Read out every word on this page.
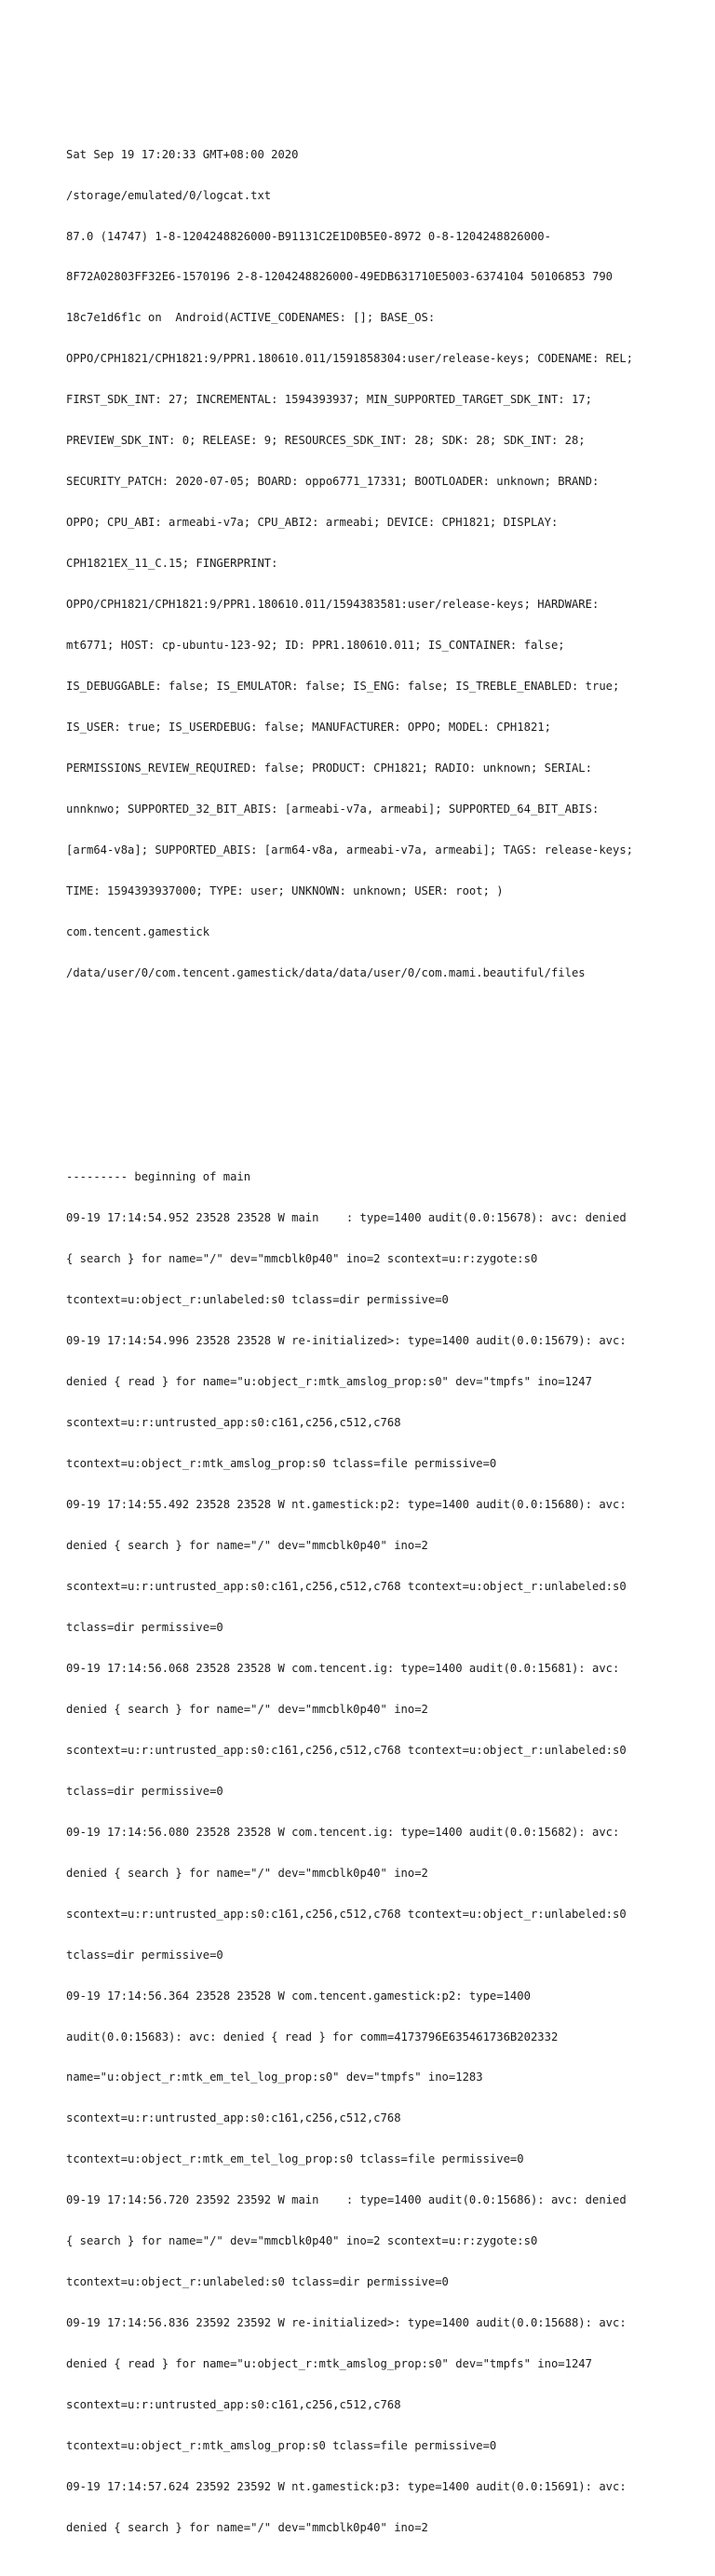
Sat Sep 19 17:20:33 GMT+08:00 2020

/storage/emulated/0/logcat.txt

87.0 (14747) 1-8-1204248826000-B91131C2E1D0B5E0-8972 0-8-1204248826000-

8F72A02803FF32E6-1570196 2-8-1204248826000-49EDB631710E5003-6374104 50106853 790

18c7e1d6f1c on  Android(ACTIVE_CODENAMES: []; BASE_OS:

OPPO/CPH1821/CPH1821:9/PPR1.180610.011/1591858304:user/release-keys; CODENAME: REL;

FIRST_SDK_INT: 27; INCREMENTAL: 1594393937; MIN_SUPPORTED_TARGET_SDK_INT: 17;

PREVIEW_SDK_INT: 0; RELEASE: 9; RESOURCES_SDK_INT: 28; SDK: 28; SDK_INT: 28;

SECURITY_PATCH: 2020-07-05; BOARD: oppo6771_17331; BOOTLOADER: unknown; BRAND:

OPPO; CPU_ABI: armeabi-v7a; CPU_ABI2: armeabi; DEVICE: CPH1821; DISPLAY:

CPH1821EX_11_C.15; FINGERPRINT:

OPPO/CPH1821/CPH1821:9/PPR1.180610.011/1594383581:user/release-keys; HARDWARE:

mt6771; HOST: cp-ubuntu-123-92; ID: PPR1.180610.011; IS_CONTAINER: false;

IS_DEBUGGABLE: false; IS_EMULATOR: false; IS_ENG: false; IS_TREBLE_ENABLED: true;

IS_USER: true; IS_USERDEBUG: false; MANUFACTURER: OPPO; MODEL: CPH1821;

PERMISSIONS_REVIEW_REQUIRED: false; PRODUCT: CPH1821; RADIO: unknown; SERIAL:

unnknwo; SUPPORTED_32_BIT_ABIS: [armeabi-v7a, armeabi]; SUPPORTED_64_BIT_ABIS:

[arm64-v8a]; SUPPORTED_ABIS: [arm64-v8a, armeabi-v7a, armeabi]; TAGS: release-keys;

TIME: 1594393937000; TYPE: user; UNKNOWN: unknown; USER: root; )

com.tencent.gamestick

/data/user/0/com.tencent.gamestick/data/data/user/0/com.mami.beautiful/files

--------- beginning of main

09-19 17:14:54.952 23528 23528 W main    : type=1400 audit(0.0:15678): avc: denied

{ search } for name="/" dev="mmcblk0p40" ino=2 scontext=u:r:zygote:s0

tcontext=u:object_r:unlabeled:s0 tclass=dir permissive=0

09-19 17:14:54.996 23528 23528 W re-initialized>: type=1400 audit(0.0:15679): avc:

denied { read } for name="u:object_r:mtk_amslog_prop:s0" dev="tmpfs" ino=1247

scontext=u:r:untrusted_app:s0:c161,c256,c512,c768

tcontext=u:object_r:mtk_amslog_prop:s0 tclass=file permissive=0

09-19 17:14:55.492 23528 23528 W nt.gamestick:p2: type=1400 audit(0.0:15680): avc:

denied { search } for name="/" dev="mmcblk0p40" ino=2

scontext=u:r:untrusted_app:s0:c161,c256,c512,c768 tcontext=u:object_r:unlabeled:s0

tclass=dir permissive=0

09-19 17:14:56.068 23528 23528 W com.tencent.ig: type=1400 audit(0.0:15681): avc:

denied { search } for name="/" dev="mmcblk0p40" ino=2

scontext=u:r:untrusted_app:s0:c161,c256,c512,c768 tcontext=u:object_r:unlabeled:s0

tclass=dir permissive=0

09-19 17:14:56.080 23528 23528 W com.tencent.ig: type=1400 audit(0.0:15682): avc:

denied { search } for name="/" dev="mmcblk0p40" ino=2

scontext=u:r:untrusted_app:s0:c161,c256,c512,c768 tcontext=u:object_r:unlabeled:s0

tclass=dir permissive=0

09-19 17:14:56.364 23528 23528 W com.tencent.gamestick:p2: type=1400

audit(0.0:15683): avc: denied { read } for comm=4173796E635461736B202332

name="u:object_r:mtk_em_tel_log_prop:s0" dev="tmpfs" ino=1283

scontext=u:r:untrusted_app:s0:c161,c256,c512,c768

tcontext=u:object_r:mtk_em_tel_log_prop:s0 tclass=file permissive=0

09-19 17:14:56.720 23592 23592 W main    : type=1400 audit(0.0:15686): avc: denied

{ search } for name="/" dev="mmcblk0p40" ino=2 scontext=u:r:zygote:s0

tcontext=u:object_r:unlabeled:s0 tclass=dir permissive=0

09-19 17:14:56.836 23592 23592 W re-initialized>: type=1400 audit(0.0:15688): avc:

denied { read } for name="u:object_r:mtk_amslog_prop:s0" dev="tmpfs" ino=1247

scontext=u:r:untrusted_app:s0:c161,c256,c512,c768

tcontext=u:object_r:mtk_amslog_prop:s0 tclass=file permissive=0

09-19 17:14:57.624 23592 23592 W nt.gamestick:p3: type=1400 audit(0.0:15691): avc:

denied { search } for name="/" dev="mmcblk0p40" ino=2
